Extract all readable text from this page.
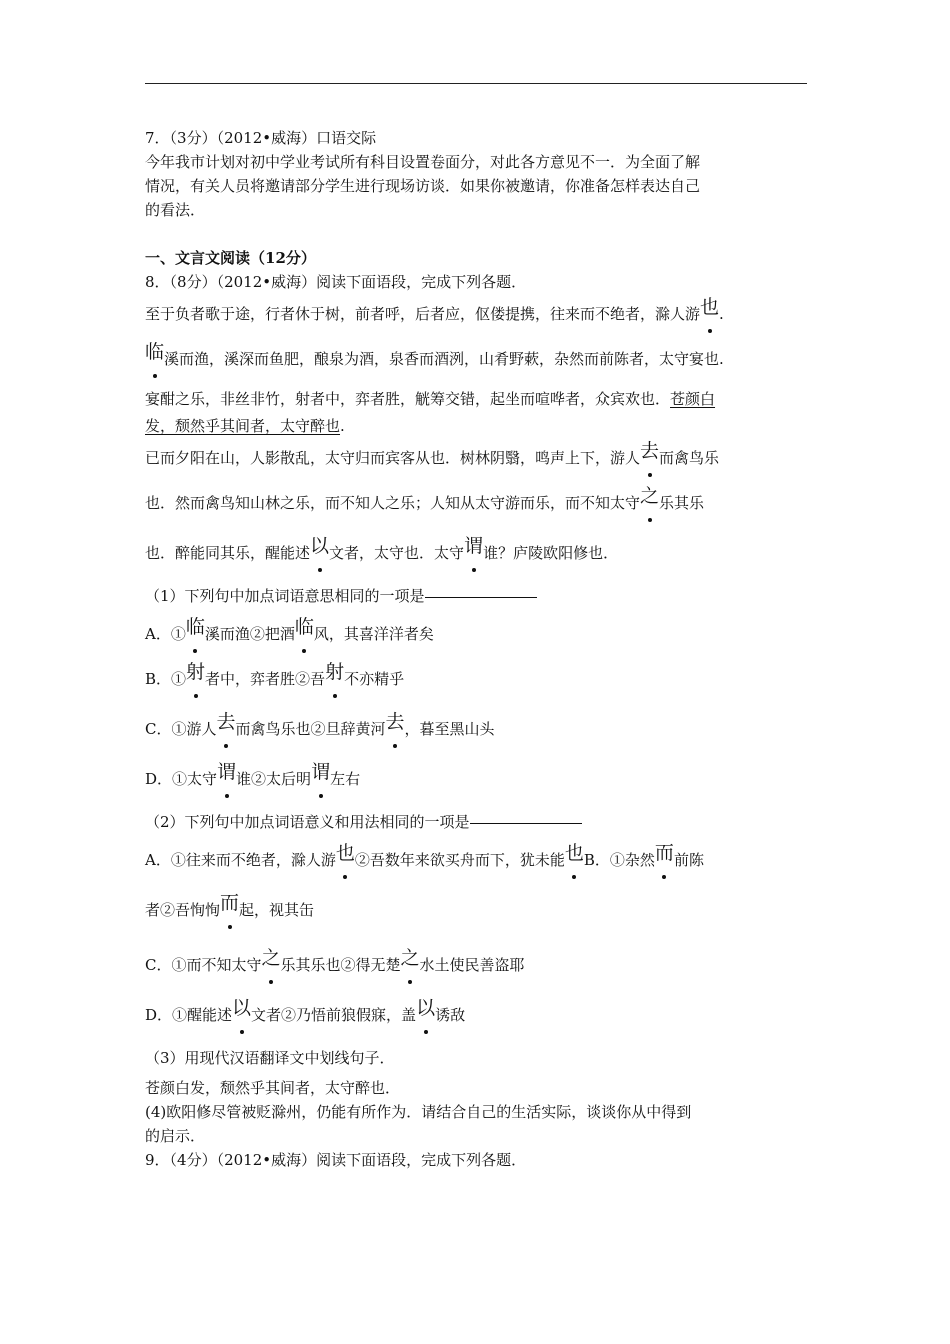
7．（3分）（2012•威海）口语交际
今年我市计划对初中学业考试所有科目设置卷面分，对此各方意见不一．为全面了解
情况，有关人员将邀请部分学生进行现场访谈．如果你被邀请，你准备怎样表达自己
的看法．
一、文言文阅读（12分）
8．（8分）（2012•威海）阅读下面语段，完成下列各题．
至于负者歌于途，行者休于树，前者呼，后者应，伛偻提携，往来而不绝者，滁人游也.
临溪而渔，溪深而鱼肥，酿泉为酒，泉香而酒洌，山肴野蔌，杂然而前陈者，太守宴也.
宴酣之乐，非丝非竹，射者中，弈者胜，觥筹交错，起坐而喧哗者，众宾欢也．苍颜白
发，颓然乎其间者，太守醉也.
已而夕阳在山，人影散乱，太守归而宾客从也．树林阴翳，鸣声上下，游人去而禽鸟乐
也．然而禽鸟知山林之乐，而不知人之乐；人知从太守游而乐，而不知太守之乐其乐
也．醉能同其乐，醒能述以文者，太守也．太守谓谁？庐陵欧阳修也．
（1）下列句中加点词语意思相同的一项是
A．①临溪而渔②把酒临风，其喜洋洋者矣
B．①射者中，弈者胜②吾射不亦精乎
C．①游人去而禽鸟乐也②旦辞黄河去，暮至黑山头
D．①太守谓谁②太后明谓左右
（2）下列句中加点词语意义和用法相同的一项是
A．①往来而不绝者，滁人游也②吾数年来欲买舟而下，犹未能也B．①杂然而前陈
者②吾恂恂而起，视其缶
C．①而不知太守之乐其乐也②得无楚之水土使民善盗耶
D．①醒能述以文者②乃悟前狼假寐，盖以诱敌
（3）用现代汉语翻译文中划线句子．
苍颜白发，颓然乎其间者，太守醉也．
(4)欧阳修尽管被贬滁州，仍能有所作为．请结合自己的生活实际，谈谈你从中得到
的启示．
9．（4分）（2012•威海）阅读下面语段，完成下列各题．
